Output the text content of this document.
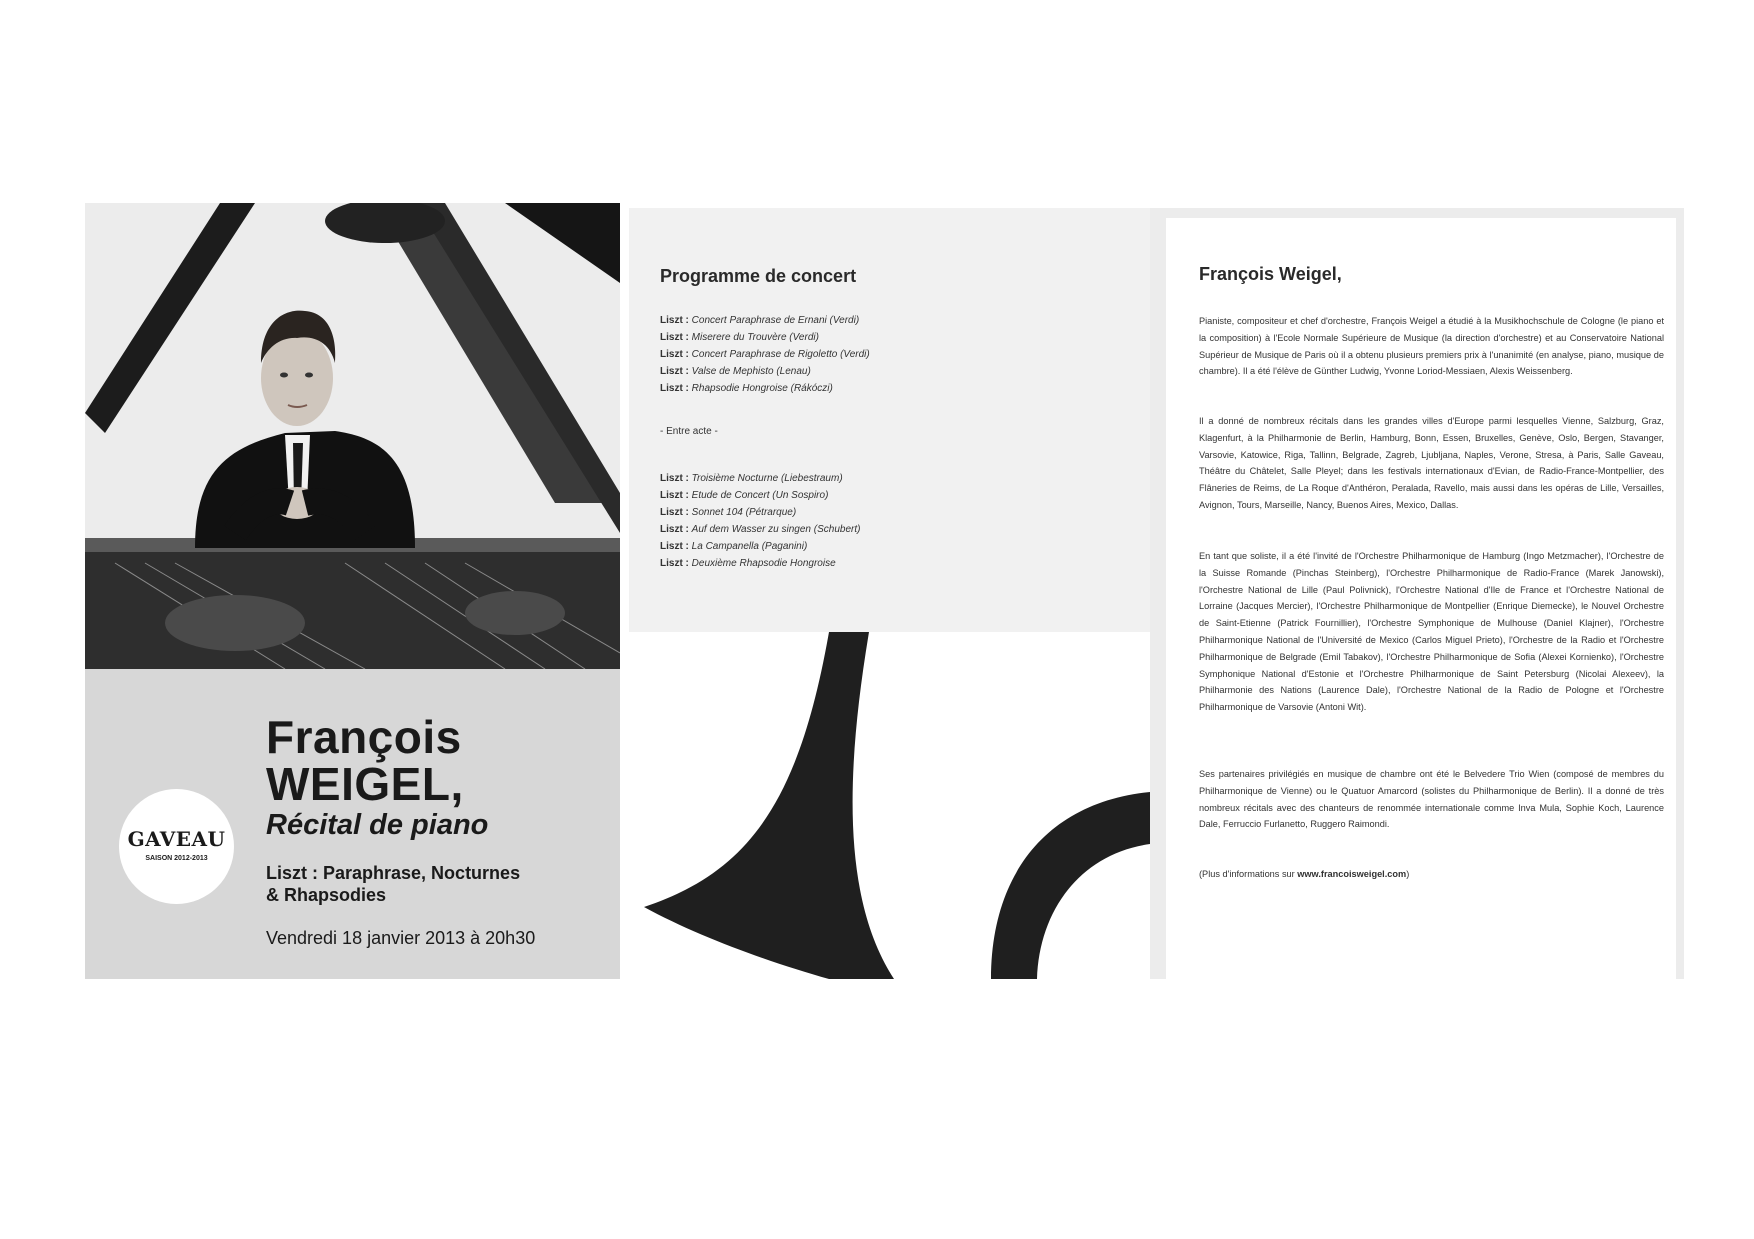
GAVEAU
SAISON 2012-2013
François
WEIGEL,
Récital de piano
Liszt : Paraphrase, Nocturnes
& Rhapsodies
Vendredi 18 janvier 2013 à 20h30
Programme de concert
Liszt : Concert Paraphrase de Ernani (Verdi)
Liszt : Miserere du Trouvère (Verdi)
Liszt : Concert Paraphrase de Rigoletto (Verdi)
Liszt : Valse de Mephisto (Lenau)
Liszt : Rhapsodie Hongroise (Rákóczi)
- Entre acte -
Liszt : Troisième Nocturne (Liebestraum)
Liszt : Etude de Concert (Un Sospiro)
Liszt : Sonnet 104 (Pétrarque)
Liszt : Auf dem Wasser zu singen (Schubert)
Liszt : La Campanella (Paganini)
Liszt : Deuxième Rhapsodie Hongroise
François Weigel,

Pianiste, compositeur et chef d'orchestre, François Weigel a étudié à la Musikhochschule de Cologne (le piano et la composition) à l'Ecole Normale Supérieure de Musique (la direction d'orchestre) et au Conservatoire National Supérieur de Musique de Paris où il a obtenu plusieurs premiers prix à l'unanimité (en analyse, piano, musique de chambre). Il a été l'élève de Günther Ludwig, Yvonne Loriod-Messiaen, Alexis Weissenberg.

Il a donné de nombreux récitals dans les grandes villes d'Europe parmi lesquelles Vienne, Salzburg, Graz, Klagenfurt, à la Philharmonie de Berlin, Hamburg, Bonn, Essen, Bruxelles, Genève, Oslo, Bergen, Stavanger, Varsovie, Katowice, Riga, Tallinn, Belgrade, Zagreb, Ljubljana, Naples, Verone, Stresa, à Paris, Salle Gaveau, Théâtre du Châtelet, Salle Pleyel; dans les festivals internationaux d'Evian, de Radio-France-Montpellier, des Flâneries de Reims, de La Roque d'Anthéron, Peralada, Ravello, mais aussi dans les opéras de Lille, Versailles, Avignon, Tours, Marseille, Nancy, Buenos Aires, Mexico, Dallas.

En tant que soliste, il a été l'invité de l'Orchestre Philharmonique de Hamburg (Ingo Metzmacher), l'Orchestre de la Suisse Romande (Pinchas Steinberg), l'Orchestre Philharmonique de Radio-France (Marek Janowski), l'Orchestre National de Lille (Paul Polivnick), l'Orchestre National d'Ile de France et l'Orchestre National de Lorraine (Jacques Mercier), l'Orchestre Philharmonique de Montpellier (Enrique Diemecke), le Nouvel Orchestre de Saint-Etienne (Patrick Fournillier), l'Orchestre Symphonique de Mulhouse (Daniel Klajner), l'Orchestre Philharmonique National de l'Université de Mexico (Carlos Miguel Prieto), l'Orchestre de la Radio et l'Orchestre Philharmonique de Belgrade (Emil Tabakov), l'Orchestre Philharmonique de Sofia (Alexei Kornienko), l'Orchestre Symphonique National d'Estonie et l'Orchestre Philharmonique de Saint Petersburg (Nicolai Alexeev), la Philharmonie des Nations (Laurence Dale), l'Orchestre National de la Radio de Pologne et l'Orchestre Philharmonique de Varsovie (Antoni Wit).

Ses partenaires privilégiés en musique de chambre ont été le Belvedere Trio Wien (composé de membres du Philharmonique de Vienne) ou le Quatuor Amarcord (solistes du Philharmonique de Berlin). Il a donné de très nombreux récitals avec des chanteurs de renommée internationale comme Inva Mula, Sophie Koch, Laurence Dale, Ferruccio Furlanetto, Ruggero Raimondi.

(Plus d'informations sur www.francoisweigel.com)
